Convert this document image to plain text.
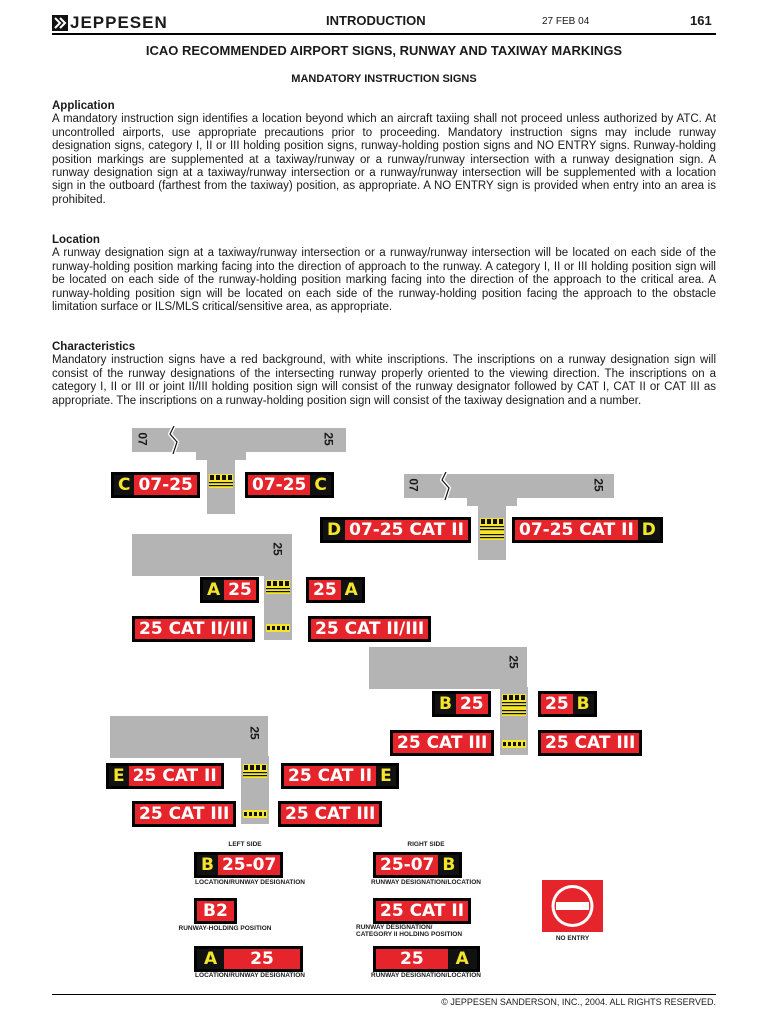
JEPPESEN	INTRODUCTION	27 FEB 04	161
ICAO RECOMMENDED AIRPORT SIGNS, RUNWAY AND TAXIWAY MARKINGS
MANDATORY INSTRUCTION SIGNS
Application
A mandatory instruction sign identifies a location beyond which an aircraft taxiing shall not proceed unless authorized by ATC. At uncontrolled airports, use appropriate precautions prior to proceeding. Mandatory instruction signs may include runway designation signs, category I, II or III holding position signs, runway-holding postion signs and NO ENTRY signs. Runway-holding position markings are supplemented at a taxiway/runway or a runway/runway intersection with a runway designation sign. A runway designation sign at a taxiway/runway intersection or a runway/runway intersection will be supplemented with a location sign in the outboard (farthest from the taxiway) position, as appropriate. A NO ENTRY sign is provided when entry into an area is prohibited.
Location
A runway designation sign at a taxiway/runway intersection or a runway/runway intersection will be located on each side of the runway-holding position marking facing into the direction of approach to the runway. A category I, II or III holding position sign will be located on each side of the runway-holding position marking facing into the direction of the approach to the critical area. A runway-holding position sign will be located on each side of the runway-holding position facing the approach to the obstacle limitation surface or ILS/MLS critical/sensitive area, as appropriate.
Characteristics
Mandatory instruction signs have a red background, with white inscriptions. The inscriptions on a runway designation sign will consist of the runway designations of the intersecting runway properly oriented to the viewing direction. The inscriptions on a category I, II or III or joint II/III holding position sign will consist of the runway designator followed by CAT I, CAT II or CAT III as appropriate. The inscriptions on a runway-holding position sign will consist of the taxiway designation and a number.
07	25
C 07-25	07-25 C	07	25
D 07-25 CAT II	07-25 CAT II D
25
A 25	25 A
25 CAT II/III	25 CAT II/III
25
B 25	25 B
25 CAT III	25 CAT III
25
E 25 CAT II	25 CAT II E
25 CAT III	25 CAT III
LEFT SIDE	RIGHT SIDE
B 25-07
LOCATION/RUNWAY DESIGNATION
25-07 B
RUNWAY DESIGNATION/LOCATION
B2
RUNWAY-HOLDING POSITION
25 CAT II
RUNWAY DESIGNATION/
CATEGORY II HOLDING POSITION
A	25
LOCATION/RUNWAY DESIGNATION
25	A
RUNWAY DESIGNATION/LOCATION
NO ENTRY
© JEPPESEN SANDERSON, INC., 2004. ALL RIGHTS RESERVED.
